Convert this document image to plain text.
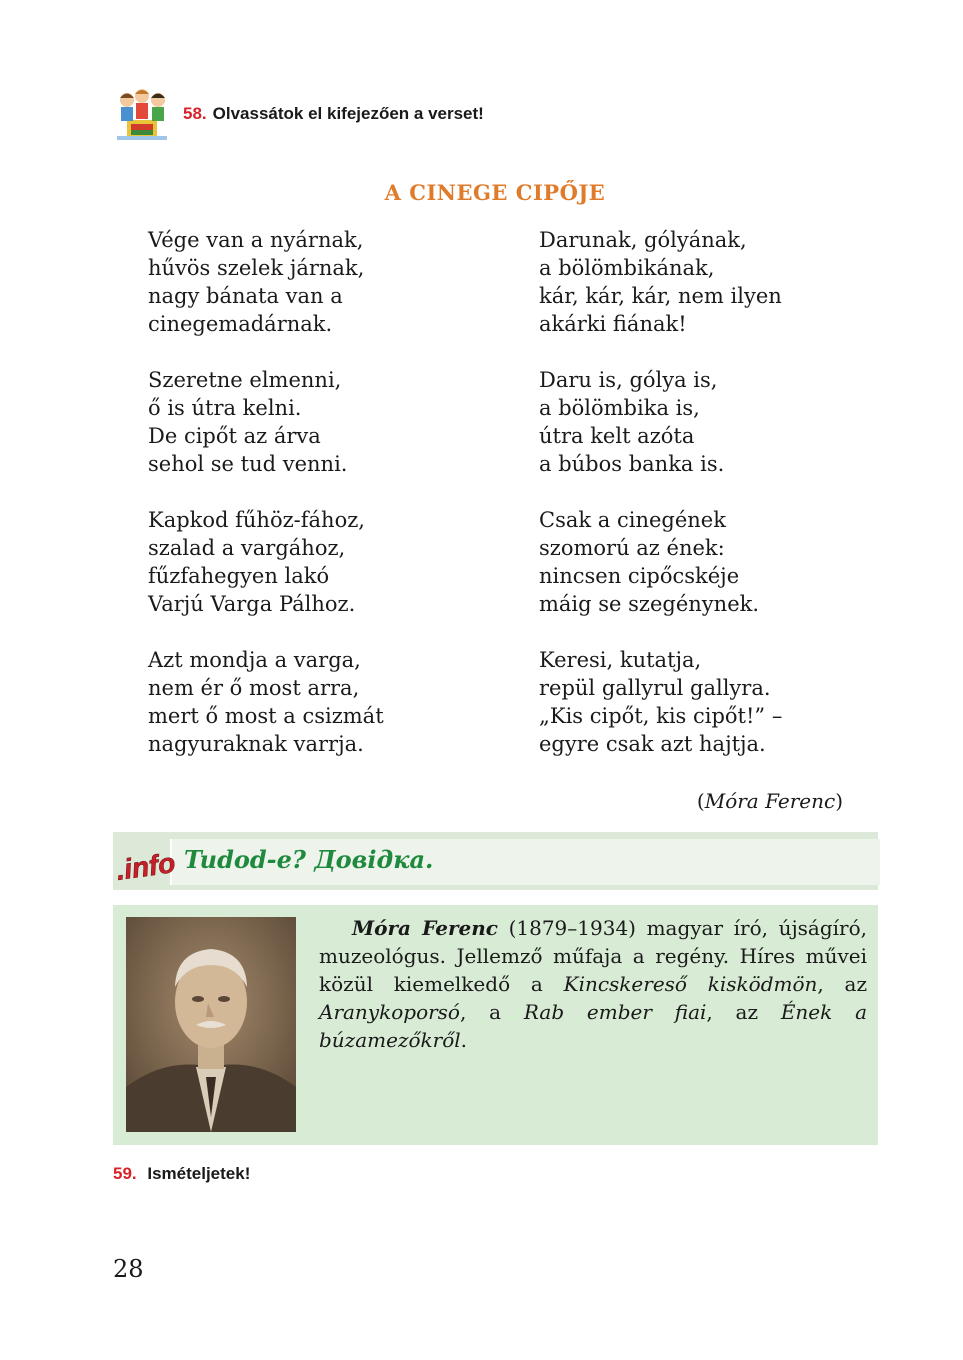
58. Olvassátok el kifejezően a verset!
A CINEGE CIPŐJE
Vége van a nyárnak,
hűvös szelek járnak,
nagy bánata van a
cinegemadárnak.
Szeretne elmenni,
ő is útra kelni.
De cipőt az árva
sehol se tud venni.
Kapkod fűhöz-fához,
szalad a vargához,
fűzfahegyen lakó
Varjú Varga Pálhoz.
Azt mondja a varga,
nem ér ő most arra,
mert ő most a csizmát
nagyuraknak varrja.
Darunak, gólyának,
a bölömbikának,
kár, kár, kár, nem ilyen
akárki fiának!
Daru is, gólya is,
a bölömbika is,
útra kelt azóta
a búbos banka is.
Csak a cinegének
szomorú az ének:
nincsen cipőcskéje
máig se szegénynek.
Keresi, kutatja,
repül gallyrul gallyra.
„Kis cipőt, kis cipőt!” –
egyre csak azt hajtja.
(Móra Ferenc)
.info Tudod-e? Довідка.
Móra Ferenc (1879–1934) magyar író, újságíró, muzeológus. Jellemző műfaja a regény. Híres művei közül kiemelkedő a Kincskereső kisködmön, az Aranykoporsó, a Rab ember fiai, az Ének a búzamezőkről.
59. Ismételjetek!
28
